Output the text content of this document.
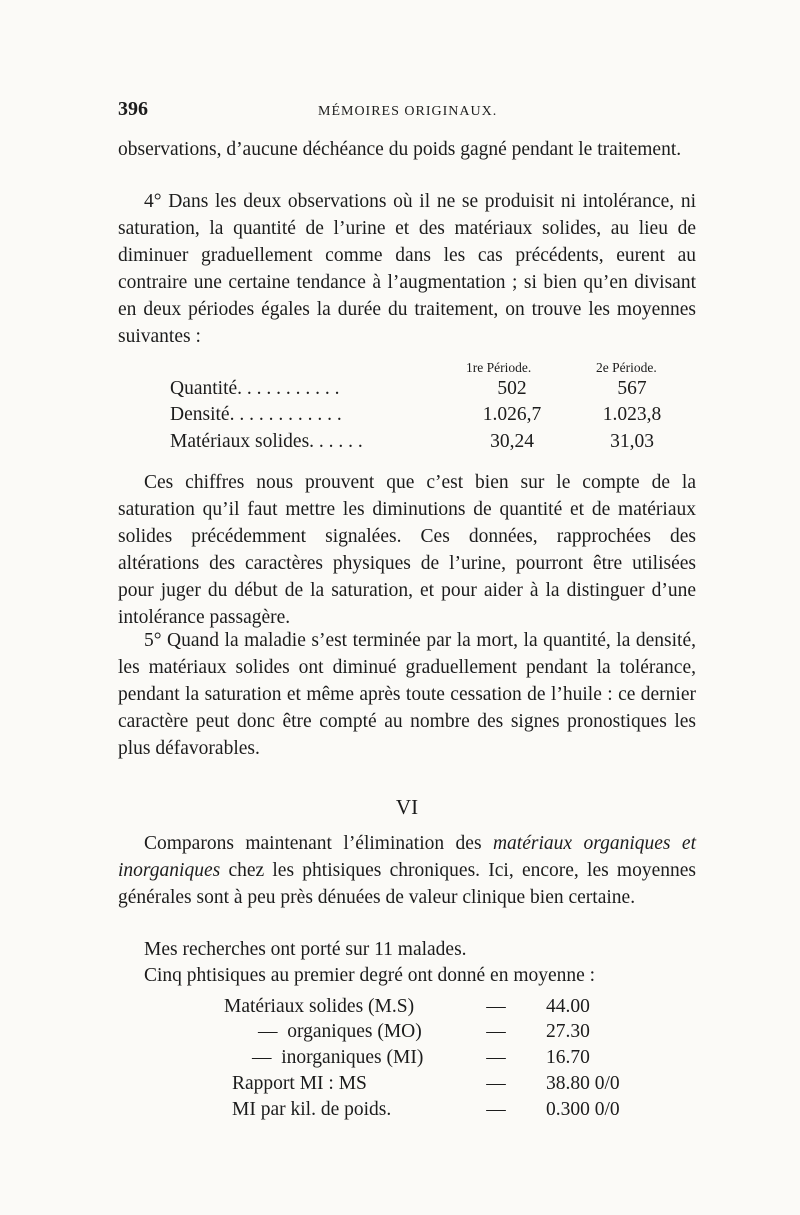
396	MÉMOIRES ORIGINAUX.

observations, d’aucune déchéance du poids gagné pendant le traitement.

4° Dans les deux observations où il ne se produisit ni intolérance, ni saturation, la quantité de l’urine et des matériaux solides, au lieu de diminuer graduellement comme dans les cas précédents, eurent au contraire une certaine tendance à l’augmentation ; si bien qu’en divisant en deux périodes égales la durée du traitement, on trouve les moyennes suivantes :

1re Période.	2e Période.
Quantité. . . . . . . . . . .	502	567
Densité. . . . . . . . . . . .	1.026,7	1.023,8
Matériaux solides. . . . . .	30,24	31,03

Ces chiffres nous prouvent que c’est bien sur le compte de la saturation qu’il faut mettre les diminutions de quantité et de matériaux solides précédemment signalées. Ces données, rapprochées des altérations des caractères physiques de l’urine, pourront être utilisées pour juger du début de la saturation, et pour aider à la distinguer d’une intolérance passagère.

5° Quand la maladie s’est terminée par la mort, la quantité, la densité, les matériaux solides ont diminué graduellement pendant la tolérance, pendant la saturation et même après toute cessation de l’huile : ce dernier caractère peut donc être compté au nombre des signes pronostiques les plus défavorables.

VI

Comparons maintenant l’élimination des matériaux organiques et inorganiques chez les phtisiques chroniques. Ici, encore, les moyennes générales sont à peu près dénuées de valeur clinique bien certaine.

Mes recherches ont porté sur 11 malades.

Cinq phtisiques au premier degré ont donné en moyenne :

Matériaux solides (M.S)	—	44.00
—  organiques (MO)	—	27.30
—  inorganiques (MI)	—	16.70
Rapport MI : MS	—	38.80 0/0
MI par kil. de poids.	—	0.300 0/0
